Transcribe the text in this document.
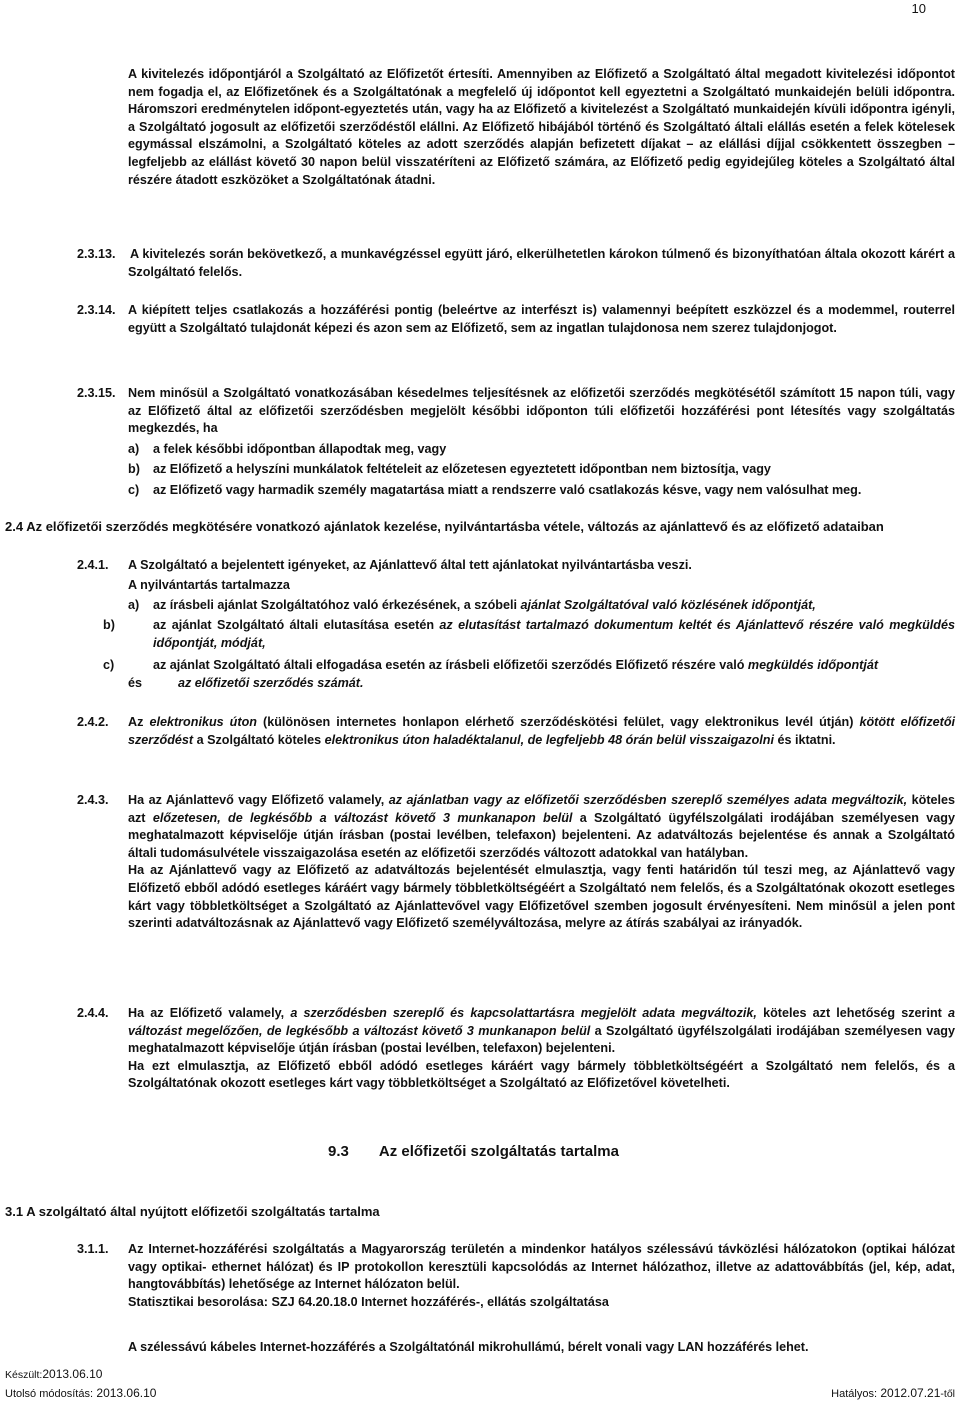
10
A kivitelezés időpontjáról a Szolgáltató az Előfizetőt értesíti. Amennyiben az Előfizető a Szolgáltató által megadott kivitelezési időpontot nem fogadja el, az Előfizetőnek és a Szolgáltatónak a megfelelő új időpontot kell egyeztetni a Szolgáltató munkaidején belüli időpontra. Háromszori eredménytelen időpont-egyeztetés után, vagy ha az Előfizető a kivitelezést a Szolgáltató munkaidején kívüli időpontra igényli, a Szolgáltató jogosult az előfizetői szerződéstől elállni. Az Előfizető hibájából történő és Szolgáltató általi elállás esetén a felek kötelesek egymással elszámolni, a Szolgáltató köteles az adott szerződés alapján befizetett díjakat – az elállási díjjal csökkentett összegben – legfeljebb az elállást követő 30 napon belül visszatéríteni az Előfizető számára, az Előfizető pedig egyidejűleg köteles a Szolgáltató által részére átadott eszközöket a Szolgáltatónak átadni.
2.3.13. A kivitelezés során bekövetkező, a munkavégzéssel együtt járó, elkerülhetetlen károkon túlmenő és bizonyíthatóan általa okozott kárért a Szolgáltató felelős.
2.3.14. A kiépített teljes csatlakozás a hozzáférési pontig (beleértve az interfészt is) valamennyi beépített eszközzel és a modemmel, routerrel együtt a Szolgáltató tulajdonát képezi és azon sem az Előfizető, sem az ingatlan tulajdonosa nem szerez tulajdonjogot.
2.3.15. Nem minősül a Szolgáltató vonatkozásában késedelmes teljesítésnek az előfizetői szerződés megkötésétől számított 15 napon túli, vagy az Előfizető által az előfizetői szerződésben megjelölt későbbi időponton túli előfizetői hozzáférési pont létesítés vagy szolgáltatás megkezdés, ha
a) a felek későbbi időpontban állapodtak meg, vagy
b) az Előfizető a helyszíni munkálatok feltételeit az előzetesen egyeztetett időpontban nem biztosítja, vagy
c) az Előfizető vagy harmadik személy magatartása miatt a rendszerre való csatlakozás késve, vagy nem valósulhat meg.
2.4 Az előfizetői szerződés megkötésére vonatkozó ajánlatok kezelése, nyilvántartásba vétele, változás az ajánlattevő és az előfizető adataiban
2.4.1. A Szolgáltató a bejelentett igényeket, az Ajánlattevő által tett ajánlatokat nyilvántartásba veszi.
A nyilvántartás tartalmazza
a) az írásbeli ajánlat Szolgáltatóhoz való érkezésének, a szóbeli ajánlat Szolgáltatóval való közlésének időpontját,
b)	az ajánlat Szolgáltató általi elutasítása esetén az elutasítást tartalmazó dokumentum keltét és Ajánlattevő részére való megküldés időpontját, módját,
c)	az ajánlat Szolgáltató általi elfogadása esetén az írásbeli előfizetői szerződés Előfizető részére való megküldés időpontját
és	az előfizetői szerződés számát.
2.4.2. Az elektronikus úton (különösen internetes honlapon elérhető szerződéskötési felület, vagy elektronikus levél útján) kötött előfizetői szerződést a Szolgáltató köteles elektronikus úton haladéktalanul, de legfeljebb 48 órán belül visszaigazolni és iktatni.
2.4.3. Ha az Ajánlattevő vagy Előfizető valamely, az ajánlatban vagy az előfizetői szerződésben szereplő személyes adata megváltozik, köteles azt előzetesen, de legkésőbb a változást követő 3 munkanapon belül a Szolgáltató ügyfélszolgálati irodájában személyesen vagy meghatalmazott képviselője útján írásban (postai levélben, telefaxon) bejelenteni. Az adatváltozás bejelentése és annak a Szolgáltató általi tudomásulvétele visszaigazolása esetén az előfizetői szerződés változott adatokkal van hatályban.
Ha az Ajánlattevő vagy az Előfizető az adatváltozás bejelentését elmulasztja, vagy fenti határidőn túl teszi meg, az Ajánlattevő vagy Előfizető ebből adódó esetleges káráért vagy bármely többletköltségéért a Szolgáltató nem felelős, és a Szolgáltatónak okozott esetleges kárt vagy többletköltséget a Szolgáltató az Ajánlattevővel vagy Előfizetővel szemben jogosult érvényesíteni. Nem minősül a jelen pont szerinti adatváltozásnak az Ajánlattevő vagy Előfizető személyváltozása, melyre az átírás szabályai az irányadók.
2.4.4. Ha az Előfizető valamely, a szerződésben szereplő és kapcsolattartásra megjelölt adata megváltozik, köteles azt lehetőség szerint a változást megelőzően, de legkésőbb a változást követő 3 munkanapon belül a Szolgáltató ügyfélszolgálati irodájában személyesen vagy meghatalmazott képviselője útján írásban (postai levélben, telefaxon) bejelenteni.
Ha ezt elmulasztja, az Előfizető ebből adódó esetleges káráért vagy bármely többletköltségéért a Szolgáltató nem felelős, és a Szolgáltatónak okozott esetleges kárt vagy többletköltséget a Szolgáltató az Előfizetővel követelheti.
9.3 Az előfizetői szolgáltatás tartalma
3.1 A szolgáltató által nyújtott előfizetői szolgáltatás tartalma
3.1.1. Az Internet-hozzáférési szolgáltatás a Magyarország területén a mindenkor hatályos szélessávú távközlési hálózatokon (optikai hálózat vagy optikai- ethernet hálózat) és IP protokollon keresztüli kapcsolódás az Internet hálózathoz, illetve az adattovábbítás (jel, kép, adat, hangtovábbítás) lehetősége az Internet hálózaton belül.
Statisztikai besorolása: SZJ 64.20.18.0 Internet hozzáférés-, ellátás szolgáltatása
A szélessávú kábeles Internet-hozzáférés a Szolgáltatónál mikrohullámú, bérelt vonali vagy LAN hozzáférés lehet.
Készült:2013.06.10
Utolsó módosítás: 2013.06.10	Hatályos: 2012.07.21-től
